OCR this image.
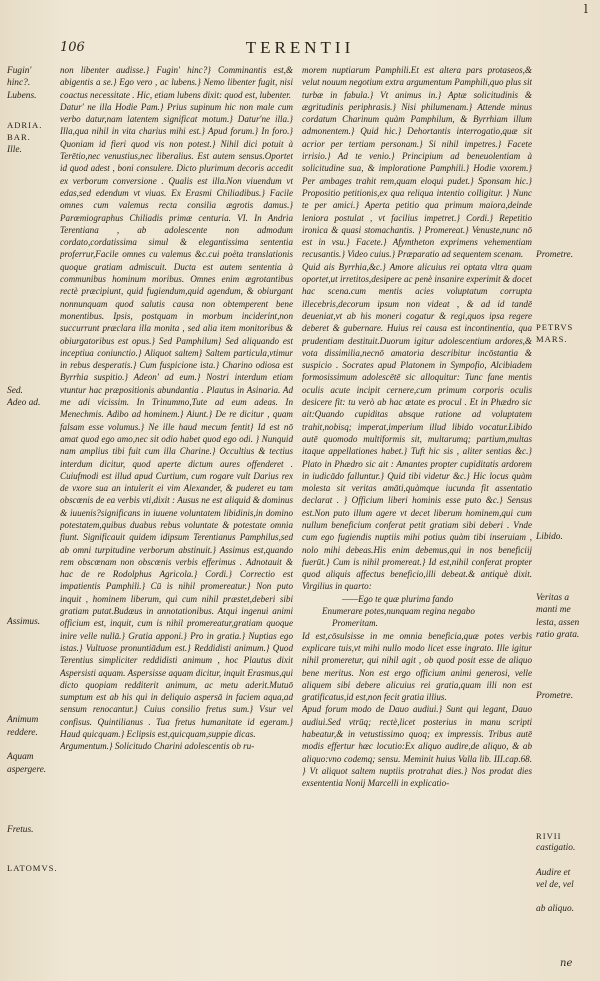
l
106	TERENTII
Fugin'
hinc?.
Lubens.
ADRIA.
BAR.
Ille.
Sed.
Adeo ad.
Assimus.
Animum
reddere.
Aquam
aspergere.
Fretus.
LATOMVS.

non libenter audisse.} Fugin' hinc?} Comminantis est,& abigentis a se.} Ego vero , ac lubens.} Nemo libenter fugit, nisi coactus necessitate . Hic, etiam lubens dixit: quod est, lubenter.

Datur' ne illa Hodie Pam.} Prius supinum hic non male cum verbo datur,nam latentem significat motum.} Datur'ne illa.} Illa,qua nihil in vita charius mihi est.} Apud forum.} In foro.} Quoniam id fieri quod vis non potest.} Nihil dici potuit à Terētio,nec venustius,nec liberalius. Est autem sensus.Oportet id quod adest , boni consulere. Dicto plurimum decoris accedit ex verborum conversione . Qualis est illa.Non viuendum vt edas,sed edendum vt viuas. Ex Erasmi Chiliadibus.} Facile omnes cum valemus recta consilia ægrotis damus.} Parœmiographus Chiliadis primæ centuria. VI. In Andria Terentiana , ab adolescente non admodum cordato,cordatissima simul & elegantissima sententia proferrur,Facile omnes cu valemus &c.cui poëta translationis quoque gratiam admiscuit. Ducta est autem sententia à communibus hominum moribus. Omnes enim ægrotantibus rectè præcipiunt, quid fugiendum,quid agendum, & obiurgant nonnunquam quod salutis causa non obtemperent bene monentibus. Ipsis, postquam in morbum inciderint,non succurrunt præclara illa monita , sed alia item monitoribus & obiurgatoribus est opus.} Sed Pamphilum} Sed aliquando est inceptiua coniunctio.} Aliquot saltem} Saltem particula,vtimur in rebus desperatis.} Cum fuspicione ista.} Charino odiosa est Byrrhia suspitio.} Adeon' ad eum.} Nostri interdum etiam vtuntur hac præpositionis abundantia . Plautus in Asinaria. Ad me adi vicissim. In Trinummo,Tute ad eum adeas. In Menechmis. Adibo ad hominem.} Aiunt.} De re dicitur , quam falsam esse volumus.} Ne ille haud mecum fentit} Id est nō amat quod ego amo,nec sit odio habet quod ego odi. } Nunquid nam amplius tibi fuit cum illa Charine.} Occultius & tectius interdum dicitur, quod aperte dictum aures offenderet . Cuiufmodi est illud apud Curtium, cum rogare vult Darius rex de vxore sua an intulerit ei vim Alexander, & puderet eu tam obscœnis de ea verbis vti,dixit : Ausus ne est aliquid & dominus & iuuenis?significans in iuuene voluntatem libidinis,in domino potestatem,quibus duabus rebus voluntate & potestate omnia fiunt. Significauit quidem idipsum Terentianus Pamphilus,sed ab omni turpitudine verborum abstinuit.} Assimus est,quando rem obscœnam non obscœnis verbis efferimus . Adnotauit & hac de re Rodolphus Agricola.} Cordi.} Correctio est impatientis Pamphili.} Cū is nihil promereatur.} Non puto inquit , hominem liberum, qui cum nihil præstet,deberi sibi gratiam putat.Budæus in annotationibus. Atqui ingenui animi officium est, inquit, cum is nihil promereatur,gratiam quoque inire velle nullā.} Gratia apponi.} Pro in gratia.} Nuptias ego istas.} Vultuose pronuntiādum est.} Reddidisti animum.} Quod Terentius simpliciter reddidisti animum , hoc Plautus dixit Aspersisti aquam. Aspersisse aquam dicitur, inquit Erasmus,qui dicto quopiam redditerit animum, ac metu aderit.Mutuō sumptum est ab his qui in deliquio aspersā in faciem aqua,ad sensum renocantur.} Cuius consilio fretus sum.} Vsur vel confisus. Quintilianus . Tua fretus humanitate id egeram.} Haud quicquam.} Eclipsis est,quicquam,suppie dicas.

Argumentum.} Solicitudo Charini adolescentis ob ru-

morem nuptiarum Pamphili.Et est altera pars protaseos,& velut nouum negotium extra argumentum Pamphili,quo plus sit turbæ in fabula.} Vt animus in.} Aptæ solicitudinis & ægritudinis periphrasis.} Nisi philumenam.} Attende minus cordatum Charinum quàm Pamphilum, & Byrrhiam illum admonentem.} Quid hic.} Dehortantis interrogatio,quæ sit acrior per tertiam personam.} Si nihil impetres.} Facete irrisio.} Ad te venio.} Principium ad beneuolentiam à solicitudine sua, & imploratione Pamphili.} Hodie vxorem.} Per ambages trahit rem,quam eloqui pudet.} Sponsam hic.} Propositio petitionis,ex qua reliqua intentio colligitur. } Nunc te per amici.} Aperta petitio qua primum maiora,deinde leniora postulat , vt facilius impetret.} Cordi.} Repetitio ironica & quasi stomachantis. } Promereat.} Venuste,nunc nō est in vsu.} Facete.} Afymtheton exprimens vehementiam recusantis.} Video cuius.} Præparatio ad sequentem scenam.

Quid ais Byrrhia,&c.} Amore alicuius rei optata vltra quam oportet,ut irretitos,desipere ac penè insanire experimit & docet hac scena.cum mentis acies voluptatum corrupta illecebris,decorum ipsum non videat , & ad id tandē deueniat,vt ab his moneri cogatur & regi,quos ipsa regere deberet & gubernare. Huius rei causa est incontinentia, qua prudentiam destituit.Duorum igitur adolescentium ardores,& vota dissimilia,necnō amatoria describitur incōstantia & suspicio . Socrates apud Platonem in Sympofio, Alcibiadem formosissimum adolescētē sic alloquitur: Tunc fane mentis oculis acute incipit cernere,cum primum corporis oculis desicere fit: tu verò ab hac ætate es procul . Et in Phædro sic ait:Quando cupiditas absque ratione ad voluptatem trahit,nobisq; imperat,imperium illud libido vocatur.Libido autē quomodo multiformis sit, multarumq; partium,multas itaque appellationes habet.} Tuft hic sis , aliter sentias &c.} Plato in Phædro sic ait : Amantes propter cupiditatis ardorem in iudicādo falluntur.} Quid tibi videtur &c.} Hic locus quàm molesta sit veritas amāti,quàmque iucunda fit assentatio declarat . } Officium liberi hominis esse puto &c.} Sensus est.Non puto illum agere vt decet liberum hominem,qui cum nullum beneficium conferat petit gratiam sibi deberi . Vnde cum ego fugiendis nuptiis mihi potius quàm tibi inseruiam , nolo mihi debeas.His enim debemus,qui in nos beneficiij fuerūt.} Cum is nihil promereat.} Id est,nihil conferat propter quod aliquis affectus beneficio,illi debeat.& antiquè dixit. Virgilius in quarto:

——Ego te quæ plurima fando

Enumerare potes,nunquam regina negabo

Promeritam.

Id est,cōsulsisse in me omnia beneficia,quæ potes verbis explicare tuis,vt mihi nullo modo licet esse ingrato. Ille igitur nihil promeretur, qui nihil agit , ob quod posit esse de aliquo bene meritus. Non est ergo officium animi generosi, velle aliquem sibi debere alicuius rei gratia,quam illi non est gratificatus,id est,non fecit gratia illius.

Apud forum modo de Dauo audiui.} Sunt qui legant, Dauo audiui.Sed vtrūq; rectè,licet posterius in manu scripti habeatur,& in vetustissimo quoq; ex impressis. Tribus autē modis effertur hæc locutio:Ex aliquo audire,de aliquo, & ab aliquo:vno codemq; sensu. Meminit huius Valla lib. III.cap.68. } Vt aliquot saltem nuptiis protrahat dies.} Nos prodat dies exsententia Nonij Marcelli in explicatio-

Prometre.
PETRVS
MARS.
Libido.
Veritas a
manti me
lesta, assen
ratio grata.
Prometre.
RIVII
castigatio.
Audire et
vel de, vel
ab aliquo.
ne
